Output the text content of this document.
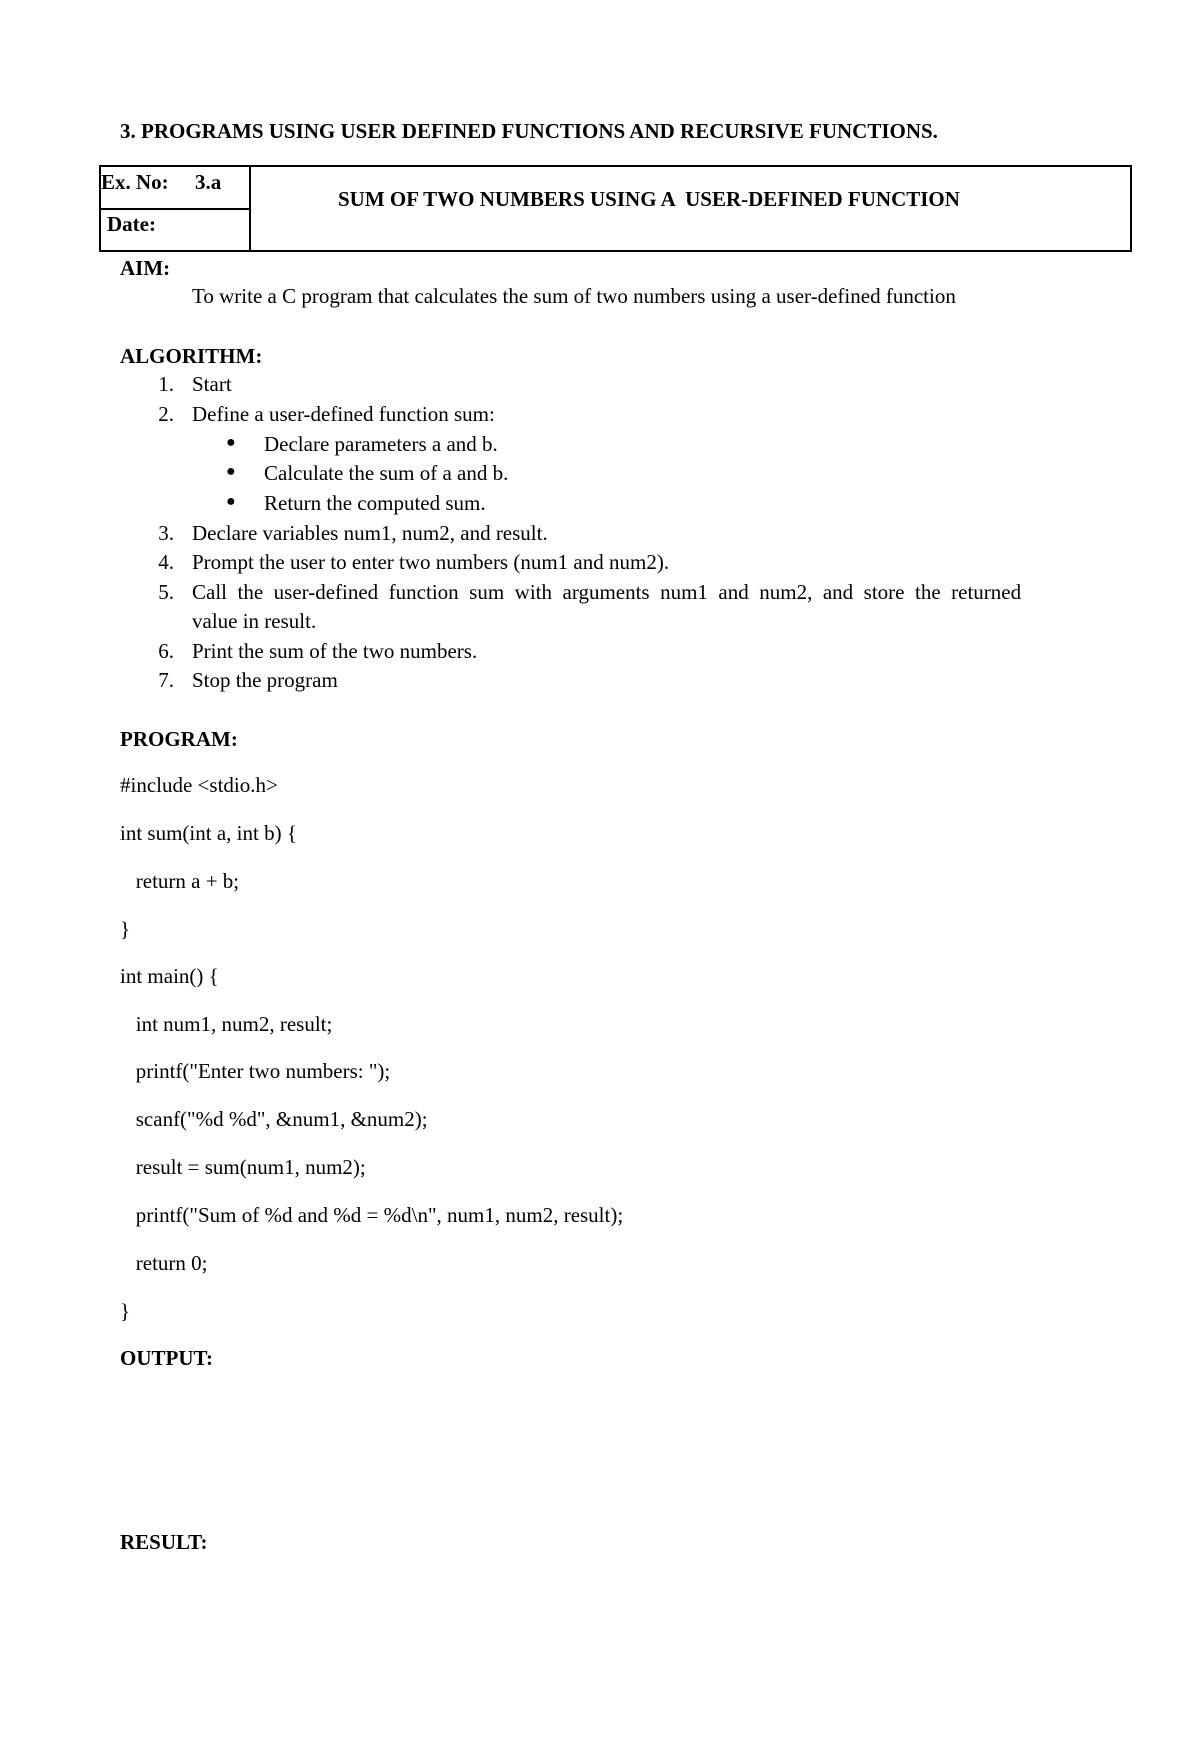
3. PROGRAMS USING USER DEFINED FUNCTIONS AND RECURSIVE FUNCTIONS.
Ex. No: 3.a
Date:
SUM OF TWO NUMBERS USING A  USER-DEFINED FUNCTION
AIM:
To write a C program that calculates the sum of two numbers using a user-defined function
ALGORITHM:
1. Start
2. Define a user-defined function sum:
● Declare parameters a and b.
● Calculate the sum of a and b.
● Return the computed sum.
3. Declare variables num1, num2, and result.
4. Prompt the user to enter two numbers (num1 and num2).
5. Call  the  user-defined  function  sum  with  arguments  num1  and  num2,  and  store  the  returned
value in result.
6. Print the sum of the two numbers.
7. Stop the program
PROGRAM:
#include <stdio.h>
int sum(int a, int b) {
return a + b;
}
int main() {
int num1, num2, result;
printf("Enter two numbers: ");
scanf("%d %d", &num1, &num2);
result = sum(num1, num2);
printf("Sum of %d and %d = %d\n", num1, num2, result);
return 0;
}
OUTPUT:
RESULT:
